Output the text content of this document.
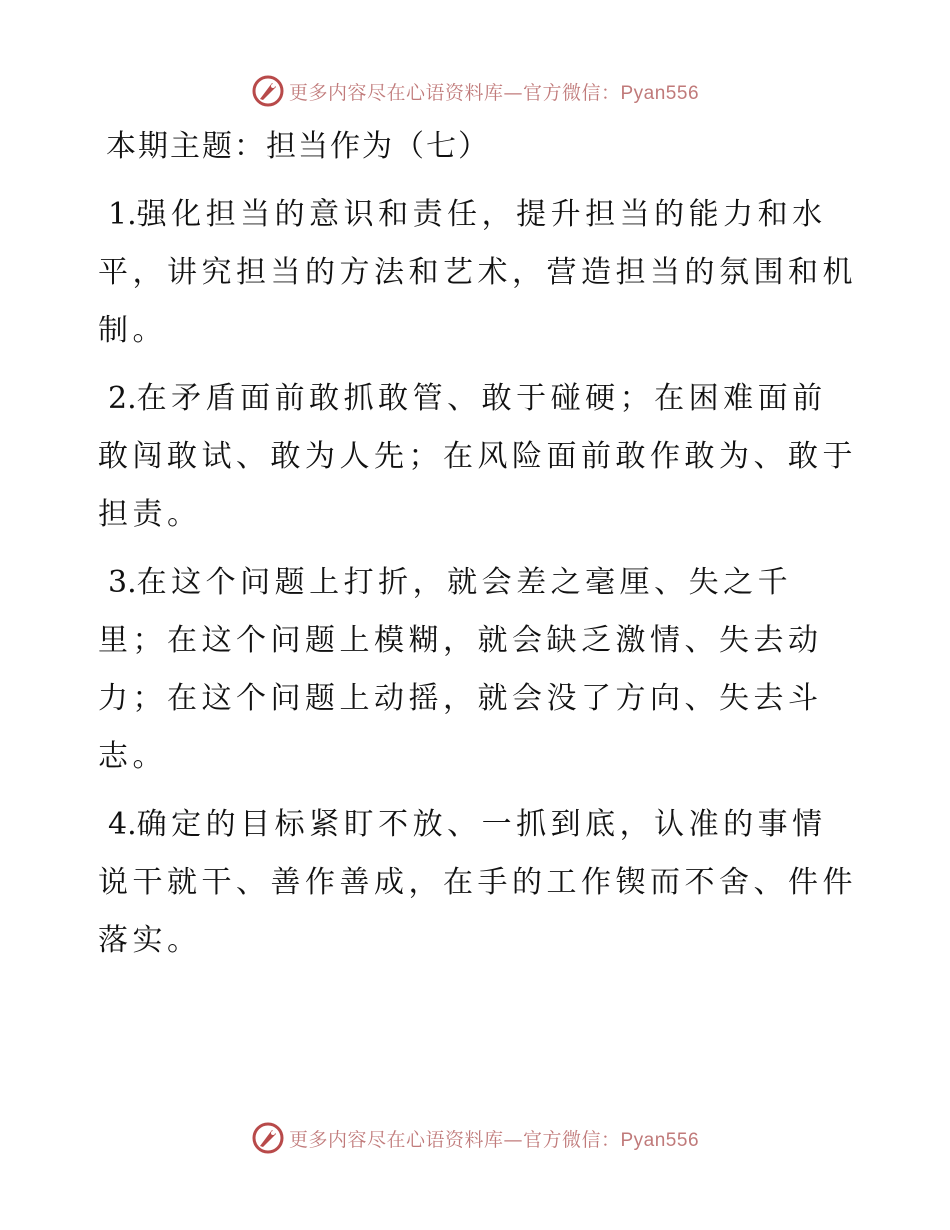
更多内容尽在心语资料库—官方微信：Pyan556
本期主题：担当作为（七）

1.强化担当的意识和责任，提升担当的能力和水平，讲究担当的方法和艺术，营造担当的氛围和机制。

2.在矛盾面前敢抓敢管、敢于碰硬；在困难面前敢闯敢试、敢为人先；在风险面前敢作敢为、敢于担责。

3.在这个问题上打折，就会差之毫厘、失之千里；在这个问题上模糊，就会缺乏激情、失去动力；在这个问题上动摇，就会没了方向、失去斗志。

4.确定的目标紧盯不放、一抓到底，认准的事情说干就干、善作善成，在手的工作锲而不舍、件件落实。

更多内容尽在心语资料库—官方微信：Pyan556
